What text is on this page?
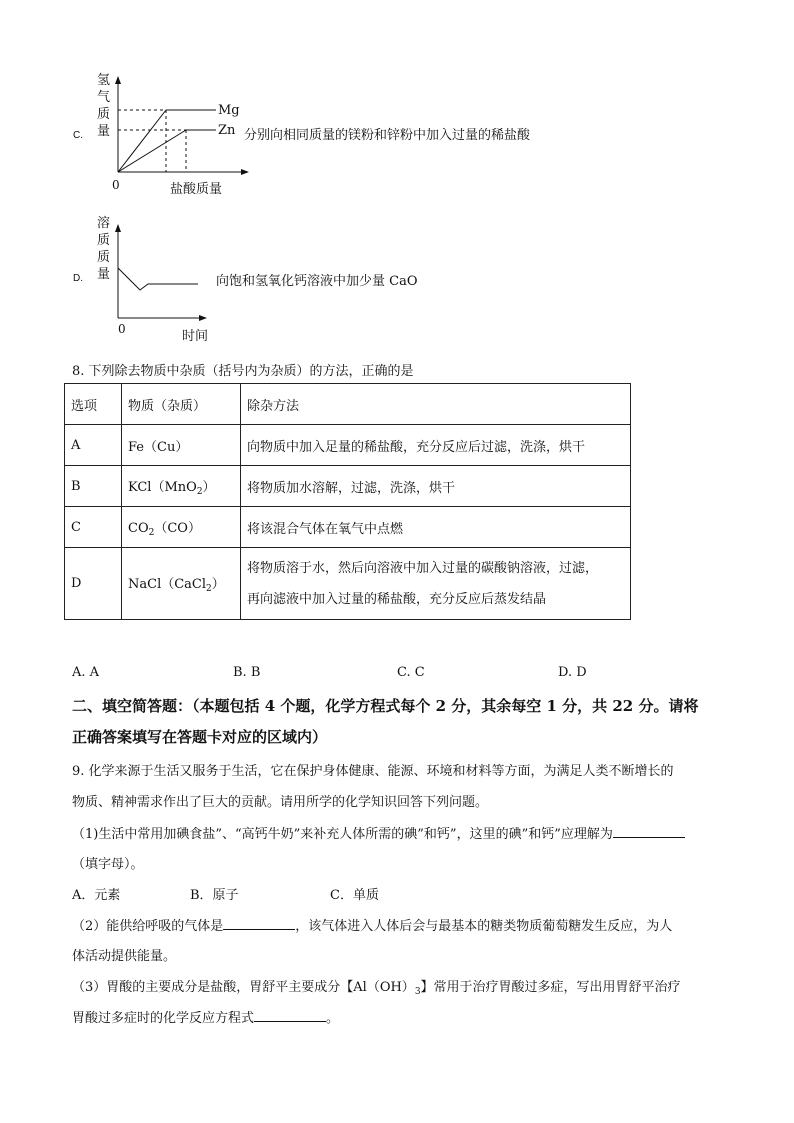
C.
氢
气
质
量
Mg
Zn
0	盐酸质量
分别向相同质量的镁粉和锌粉中加入过量的稀盐酸
D.
溶
质
质
量
0	时间
向饱和氢氧化钙溶液中加少量 CaO
8. 下列除去物质中杂质（括号内为杂质）的方法，正确的是
选项	物质（杂质）	除杂方法
A	Fe（Cu）	向物质中加入足量的稀盐酸，充分反应后过滤，洗涤，烘干
B	KCl（MnO$_2$）	将物质加水溶解，过滤，洗涤，烘干
C	$CO_2(CO)$	将该混合气体在氧气中点燃
D	NaCl（CaCl$_2$）	将物质溶于水，然后向溶液中加入过量的碳酸钠溶液，过滤，
再向滤液中加入过量的稀盐酸，充分反应后蒸发结晶
A. A	B. B	C. C	D. D
二、填空简答题：（本题包括 4 个题，化学方程式每个 2 分，其余每空 1 分，共 22 分。请将
正确答案填写在答题卡对应的区域内）
9. 化学来源于生活又服务于生活，它在保护身体健康、能源、环境和材料等方面，为满足人类不断增长的
物质、精神需求作出了巨大的贡献。请用所学的化学知识回答下列问题。
（1)生活中常用加碘食盐”、“高钙牛奶”来补充人体所需的碘”和钙”，这里的碘”和钙”应理解为
（填字母）。
A．元素	B．原子	C．单质
（2）能供给呼吸的气体是	，该气体进入人体后会与最基本的糖类物质葡萄糖发生反应，为人
体活动提供能量。
（3）胃酸的主要成分是盐酸，胃舒平主要成分【$Al(OH)_3$】常用于治疗胃酸过多症，写出用胃舒平治疗
胃酸过多症时的化学反应方程式	。
